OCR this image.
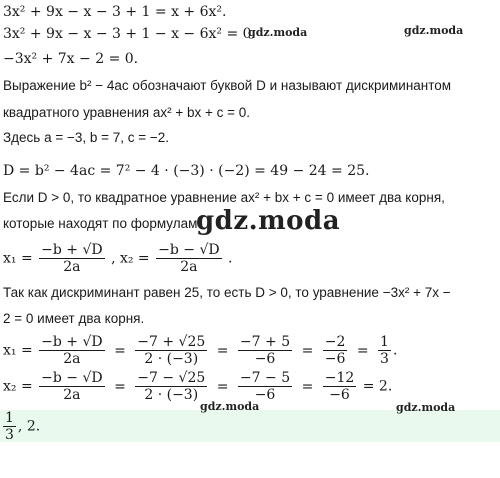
3x² + 9x − x − 3 + 1 = x + 6x².
3x² + 9x − x − 3 + 1 − x − 6x² = 0.
−3x² + 7x − 2 = 0.
Выражение b² − 4ac обозначают буквой D и называют дискриминантом
квадратного уравнения ax² + bx + c = 0.
Здесь a = −3, b = 7, c = −2.
D = b² − 4ac = 7² − 4 · (−3) · (−2) = 49 − 24 = 25.
Если D > 0, то квадратное уравнение ax² + bx + c = 0 имеет два корня,
которые находят по формулам
$x_1 = \frac{-b + √D}{2a}$ , $x_2 = \frac{-b - √D}{2a}$ .
Так как дискриминант равен 25, то есть D > 0, то уравнение −3x² + 7x −
2 = 0 имеет два корня.
$x_1 = \frac{-b + √D}{2a} = \frac{-7 + √25}{2 \cdot (-3)} = \frac{-7 + 5}{-6} = \frac{-2}{-6} = \frac{1}{3}$ .
$x_2 = \frac{-b - √D}{2a} = \frac{-7 - √25}{2 \cdot (-3)} = \frac{-7 - 5}{-6} = \frac{-12}{-6} = 2$.
$\frac{1}{3}$ , 2.
gdz.moda	gdz.moda
gdz.moda
gdz.moda	gdz.moda
